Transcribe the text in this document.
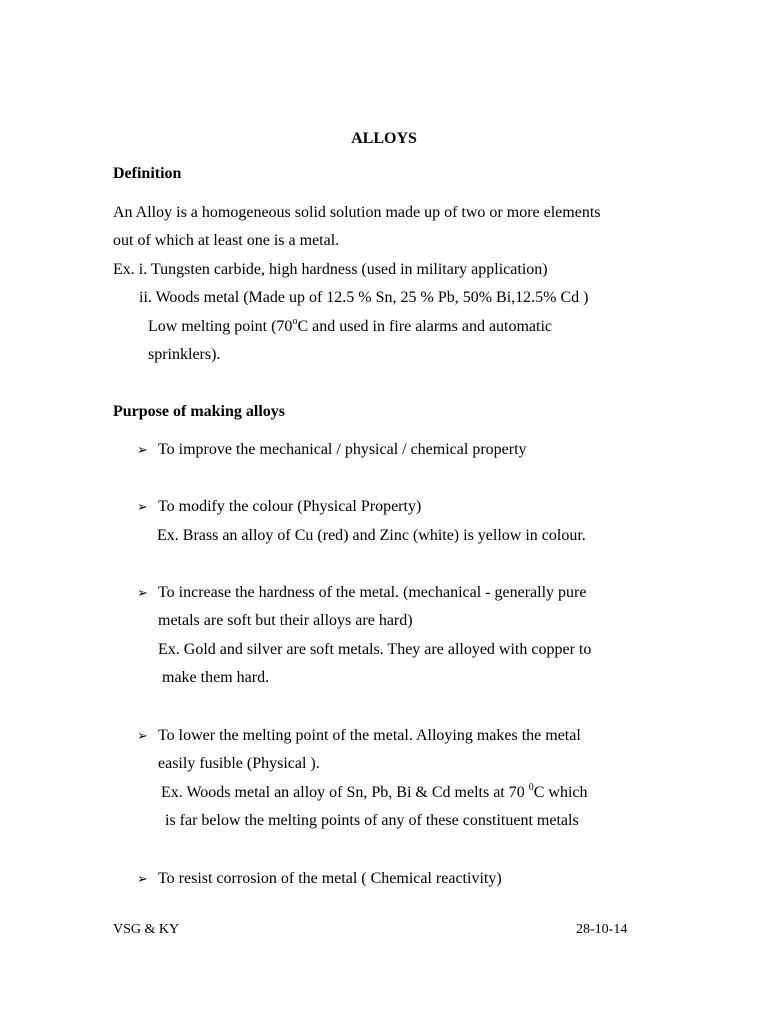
ALLOYS
Definition
An Alloy is a homogeneous solid solution made up of two or more elements
out of which at least one is a metal.
Ex. i. Tungsten carbide, high hardness (used in military application)
ii. Woods metal (Made up of 12.5 % Sn, 25 % Pb, 50% Bi,12.5% Cd )
Low melting point (70$^o$C and used in fire alarms and automatic
sprinklers).
Purpose of making alloys
➢ To improve the mechanical / physical / chemical property
➢ To modify the colour (Physical Property)
Ex. Brass an alloy of Cu (red) and Zinc (white) is yellow in colour.
➢ To increase the hardness of the metal. (mechanical - generally pure
metals are soft but their alloys are hard)
Ex. Gold and silver are soft metals. They are alloyed with copper to
make them hard.
➢ To lower the melting point of the metal. Alloying makes the metal
easily fusible (Physical ).
Ex. Woods metal an alloy of Sn, Pb, Bi & Cd melts at 70 $^0$C which
is far below the melting points of any of these constituent metals
➢ To resist corrosion of the metal ( Chemical reactivity)
VSG & KY	28-10-14
